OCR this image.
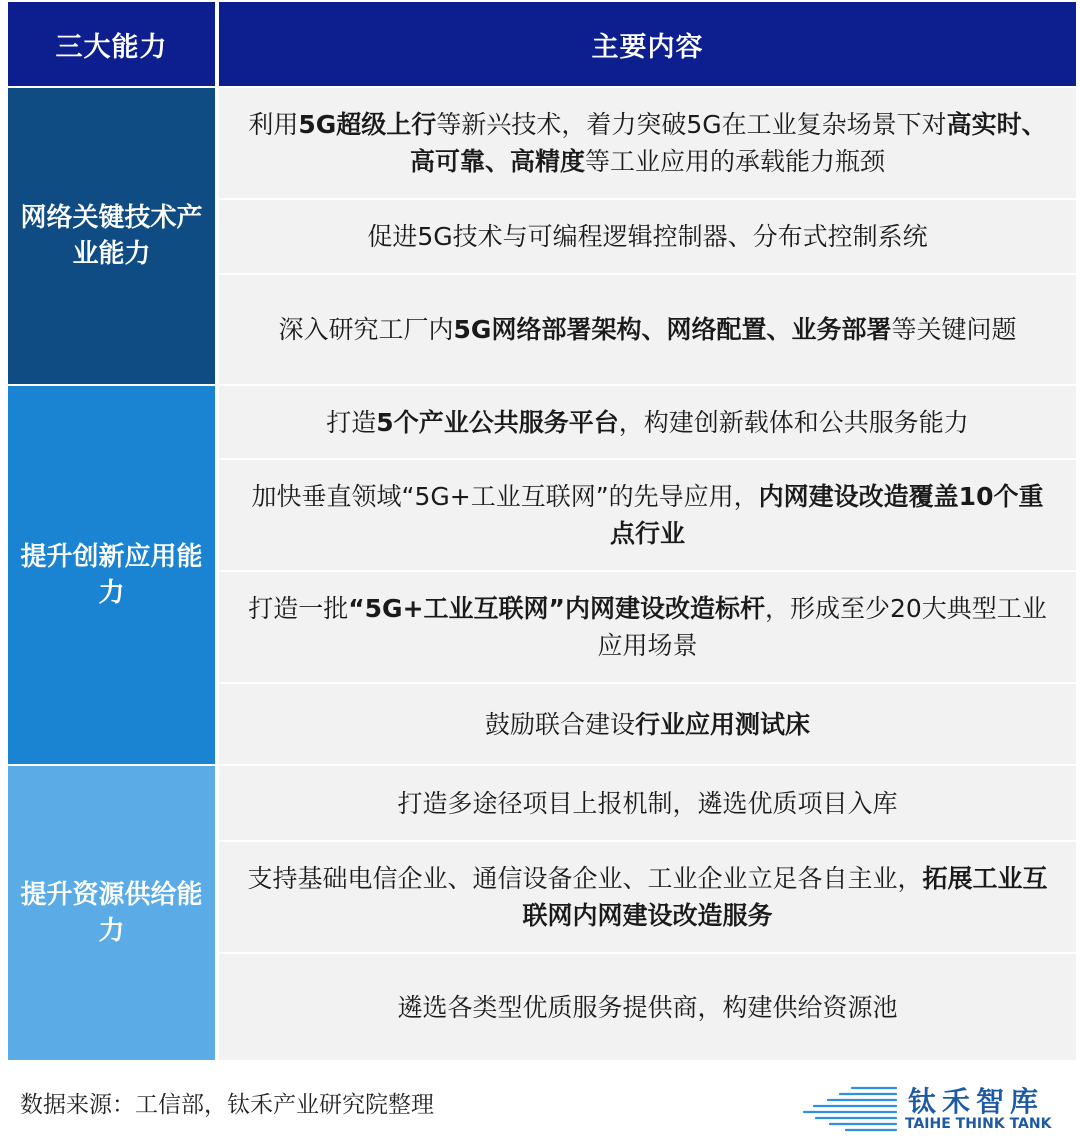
三大能力	主要内容
网络关键技术产业能力
利用5G超级上行等新兴技术，着力突破5G在工业复杂场景下对高实时、高可靠、高精度等工业应用的承载能力瓶颈
促进5G技术与可编程逻辑控制器、分布式控制系统
深入研究工厂内5G网络部署架构、网络配置、业务部署等关键问题
提升创新应用能力
打造5个产业公共服务平台，构建创新载体和公共服务能力
加快垂直领域“5G+工业互联网”的先导应用，内网建设改造覆盖10个重点行业
打造一批“5G+工业互联网”内网建设改造标杆，形成至少20大典型工业应用场景
鼓励联合建设行业应用测试床
提升资源供给能力
打造多途径项目上报机制，遴选优质项目入库
支持基础电信企业、通信设备企业、工业企业立足各自主业，拓展工业互联网内网建设改造服务
遴选各类型优质服务提供商，构建供给资源池
数据来源：工信部，钛禾产业研究院整理	钛禾智库
TAIHE THINK TANK
